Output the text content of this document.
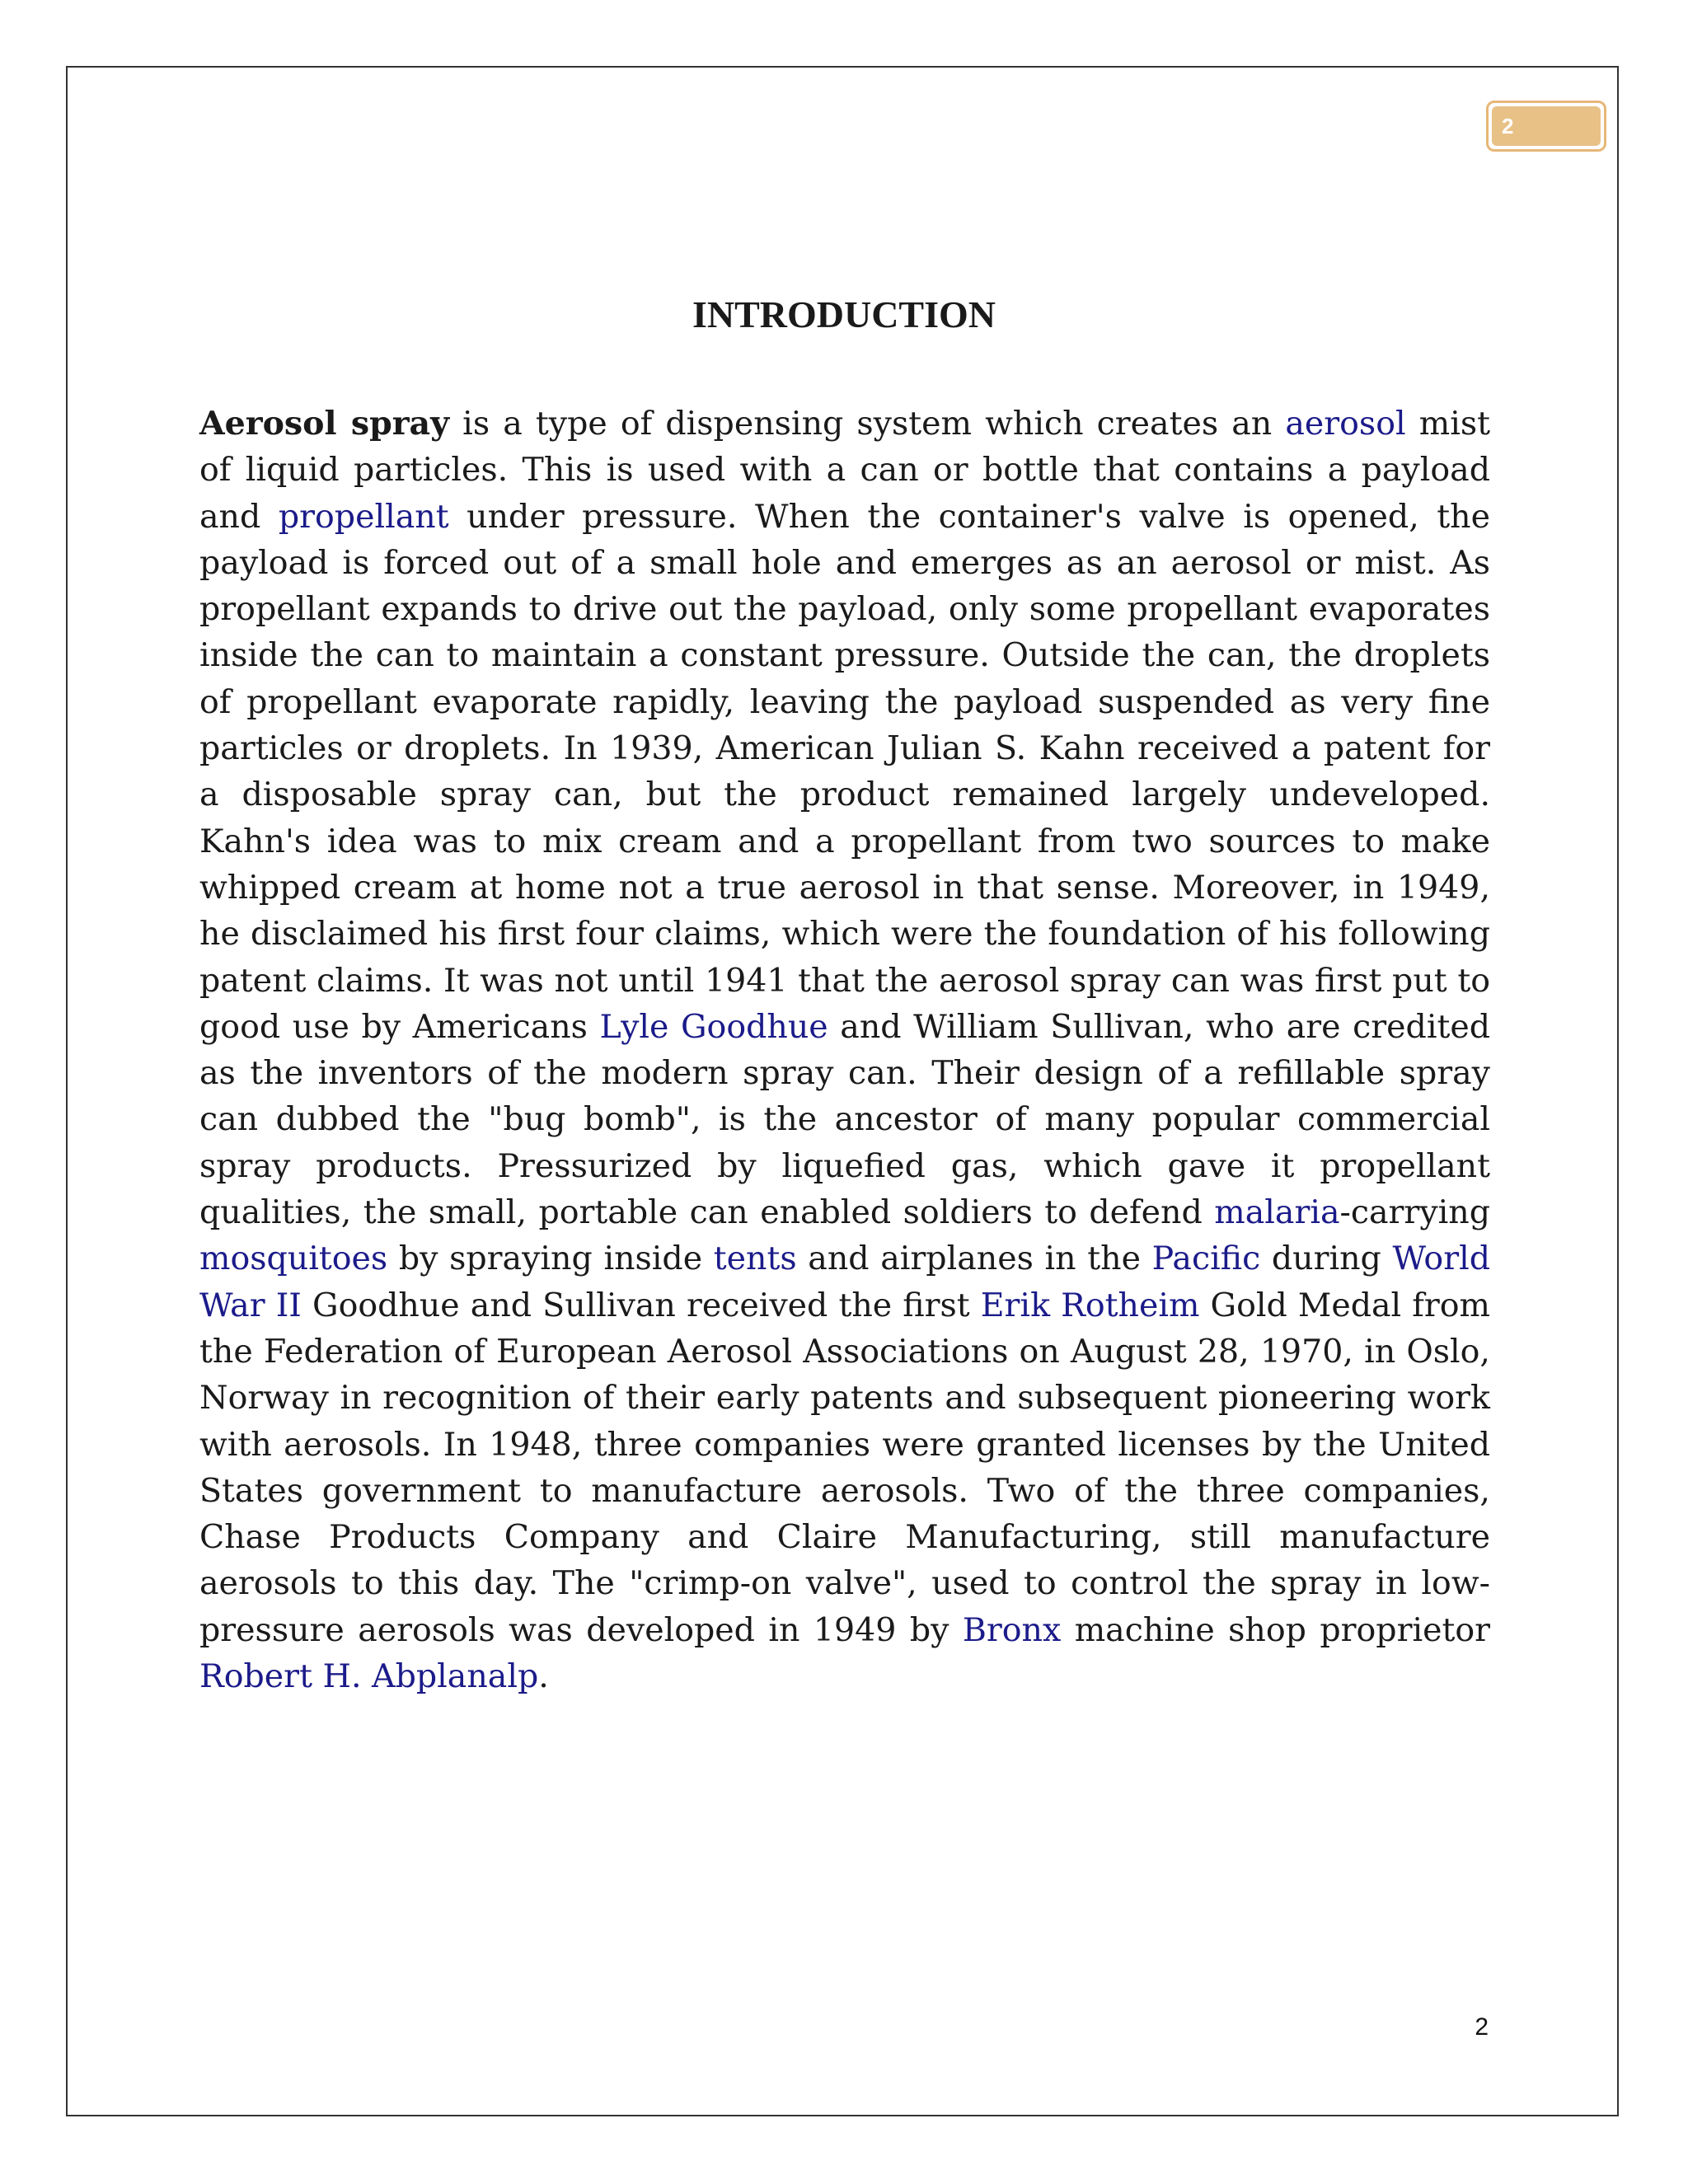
2
INTRODUCTION

Aerosol spray is a type of dispensing system which creates an aerosol mist of liquid particles. This is used with a can or bottle that contains a payload and propellant under pressure. When the container's valve is opened, the payload is forced out of a small hole and emerges as an aerosol or mist. As propellant expands to drive out the payload, only some propellant evaporates inside the can to maintain a constant pressure. Outside the can, the droplets of propellant evaporate rapidly, leaving the payload suspended as very fine particles or droplets. In 1939, American Julian S. Kahn received a patent for a disposable spray can, but the product remained largely undeveloped. Kahn's idea was to mix cream and a propellant from two sources to make whipped cream at home not a true aerosol in that sense. Moreover, in 1949, he disclaimed his first four claims, which were the foundation of his following patent claims. It was not until 1941 that the aerosol spray can was first put to good use by Americans Lyle Goodhue and William Sullivan, who are credited as the inventors of the modern spray can. Their design of a refillable spray can dubbed the "bug bomb", is the ancestor of many popular commercial spray products. Pressurized by liquefied gas, which gave it propellant qualities, the small, portable can enabled soldiers to defend malaria-carrying mosquitoes by spraying inside tents and airplanes in the Pacific during World War II Goodhue and Sullivan received the first Erik Rotheim Gold Medal from the Federation of European Aerosol Associations on August 28, 1970, in Oslo, Norway in recognition of their early patents and subsequent pioneering work with aerosols. In 1948, three companies were granted licenses by the United States government to manufacture aerosols. Two of the three companies, Chase Products Company and Claire Manufacturing, still manufacture aerosols to this day. The "crimp-on valve", used to control the spray in low-pressure aerosols was developed in 1949 by Bronx machine shop proprietor Robert H. Abplanalp.

2
